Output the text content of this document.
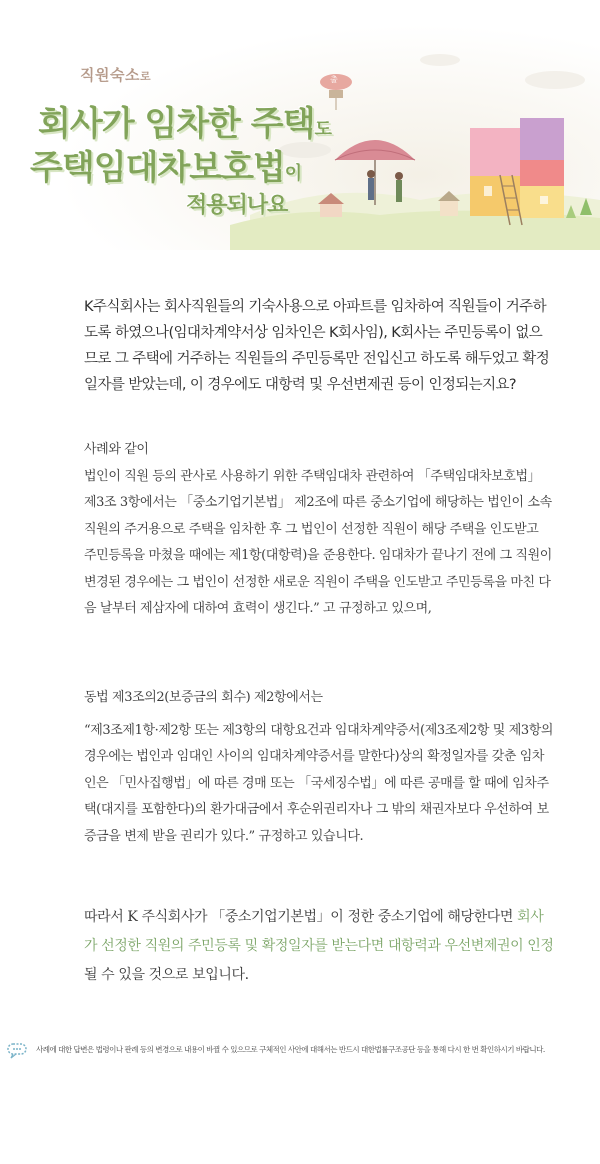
직원숙소로
회사가 임차한 주택도
주택임대차보호법이
적용되나요
출
K주식회사는 회사직원들의 기숙사용으로 아파트를 임차하여 직원들이 거주하도록 하였으나(임대차계약서상 임차인은 K회사임), K회사는 주민등록이 없으므로 그 주택에 거주하는 직원들의 주민등록만 전입신고 하도록 해두었고 확정일자를 받았는데, 이 경우에도 대항력 및 우선변제권 등이 인정되는지요?

사례와 같이

법인이 직원 등의 관사로 사용하기 위한 주택임대차 관련하여 「주택임대차보호법」 제3조 3항에서는 「중소기업기본법」 제2조에 따른 중소기업에 해당하는 법인이 소속 직원의 주거용으로 주택을 임차한 후 그 법인이 선정한 직원이 해당 주택을 인도받고 주민등록을 마쳤을 때에는 제1항(대항력)을 준용한다. 임대차가 끝나기 전에 그 직원이 변경된 경우에는 그 법인이 선정한 새로운 직원이 주택을 인도받고 주민등록을 마친 다음 날부터 제삼자에 대하여 효력이 생긴다.” 고 규정하고 있으며,

동법 제3조의2(보증금의 회수) 제2항에서는

“제3조제1항·제2항 또는 제3항의 대항요건과 임대차계약증서(제3조제2항 및 제3항의 경우에는 법인과 임대인 사이의 임대차계약증서를 말한다)상의 확정일자를 갖춘 임차인은 「민사집행법」에 따른 경매 또는 「국세징수법」에 따른 공매를 할 때에 임차주택(대지를 포함한다)의 환가대금에서 후순위권리자나 그 밖의 채권자보다 우선하여 보증금을 변제 받을 권리가 있다.” 규정하고 있습니다.

따라서 K 주식회사가 「중소기업기본법」이 정한 중소기업에 해당한다면 회사가 선정한 직원의 주민등록 및 확정일자를 받는다면 대항력과 우선변제권이 인정될 수 있을 것으로 보입니다.
사례에 대한 답변은 법령이나 판례 등의 변경으로 내용이 바뀔 수 있으므로 구체적인 사안에 대해서는 반드시 대한법률구조공단 등을 통해 다시 한 번 확인하시기 바랍니다.
